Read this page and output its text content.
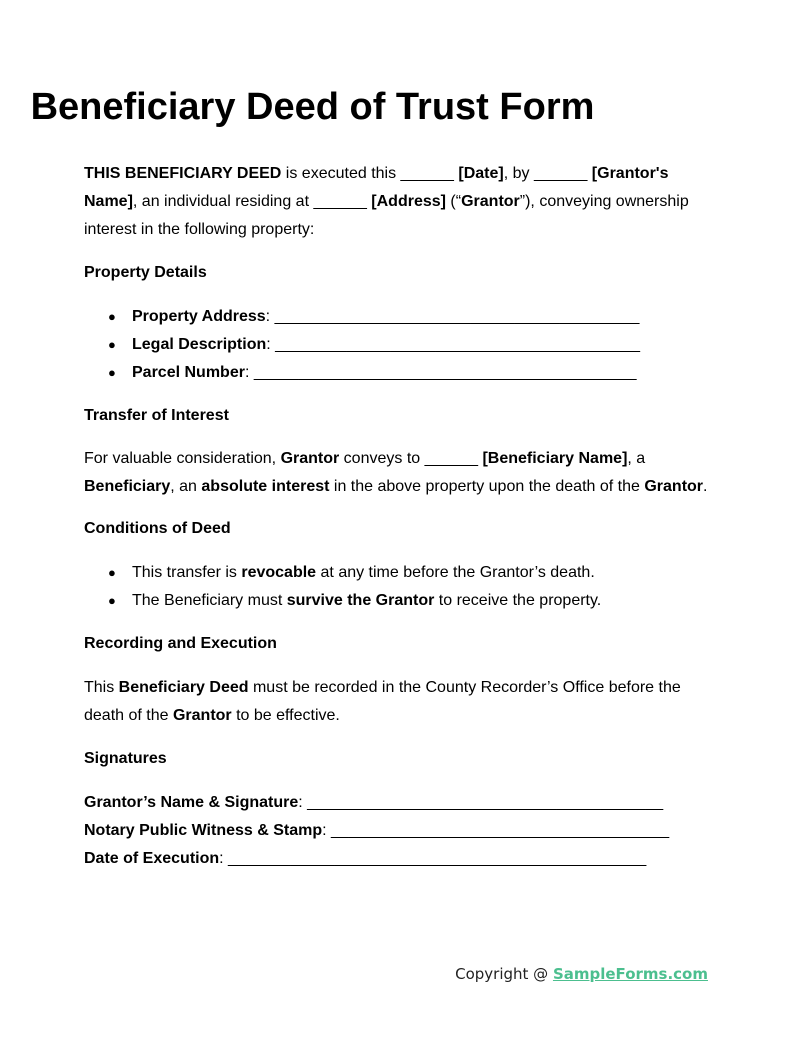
Beneficiary Deed of Trust Form

THIS BENEFICIARY DEED is executed this ______ [Date], by ______ [Grantor's Name], an individual residing at ______ [Address] (“Grantor”), conveying ownership interest in the following property:

Property Details

● Property Address: _________________________________________
● Legal Description: _________________________________________
● Parcel Number: ___________________________________________

Transfer of Interest

For valuable consideration, Grantor conveys to ______ [Beneficiary Name], a Beneficiary, an absolute interest in the above property upon the death of the Grantor.

Conditions of Deed

● This transfer is revocable at any time before the Grantor’s death.
● The Beneficiary must survive the Grantor to receive the property.

Recording and Execution

This Beneficiary Deed must be recorded in the County Recorder’s Office before the death of the Grantor to be effective.

Signatures

Grantor’s Name & Signature: ________________________________________

Notary Public Witness & Stamp: ______________________________________

Date of Execution: _______________________________________________

Copyright @ SampleForms.com
